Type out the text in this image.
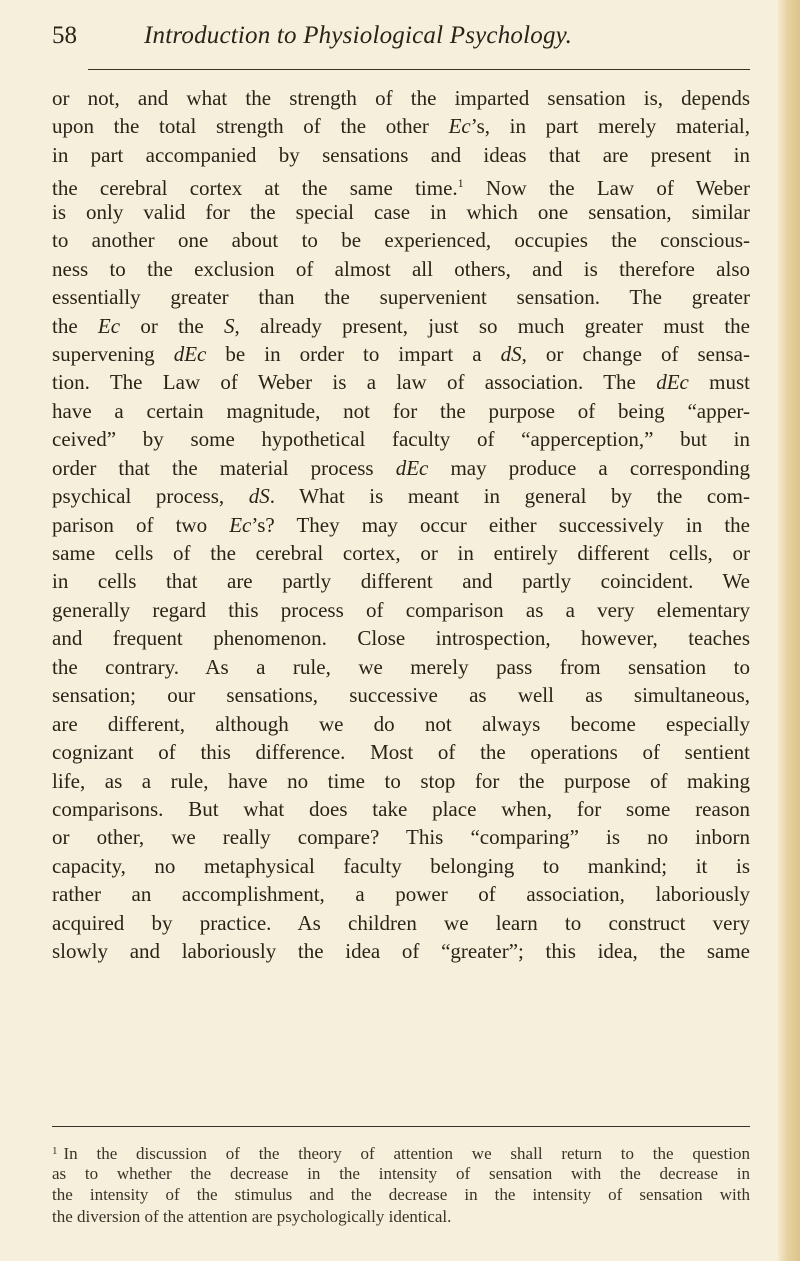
58	Introduction to Physiological Psychology.
or not, and what the strength of the imparted sensation is, depends
upon the total strength of the other Ec’s, in part merely material,
in part accompanied by sensations and ideas that are present in
the cerebral cortex at the same time.$^1$ Now the Law of Weber
is only valid for the special case in which one sensation, similar
to another one about to be experienced, occupies the conscious-
ness to the exclusion of almost all others, and is therefore also
essentially greater than the supervenient sensation. The greater
the Ec or the S, already present, just so much greater must the
supervening dEc be in order to impart a dS, or change of sensa-
tion. The Law of Weber is a law of association. The dEc must
have a certain magnitude, not for the purpose of being “apper-
ceived” by some hypothetical faculty of “apperception,” but in
order that the material process dEc may produce a corresponding
psychical process, dS. What is meant in general by the com-
parison of two Ec’s? They may occur either successively in the
same cells of the cerebral cortex, or in entirely different cells, or
in cells that are partly different and partly coincident. We
generally regard this process of comparison as a very elementary
and frequent phenomenon. Close introspection, however, teaches
the contrary. As a rule, we merely pass from sensation to
sensation; our sensations, successive as well as simultaneous,
are different, although we do not always become especially
cognizant of this difference. Most of the operations of sentient
life, as a rule, have no time to stop for the purpose of making
comparisons. But what does take place when, for some reason
or other, we really compare? This “comparing” is no inborn
capacity, no metaphysical faculty belonging to mankind; it is
rather an accomplishment, a power of association, laboriously
acquired by practice. As children we learn to construct very
slowly and laboriously the idea of “greater”; this idea, the same
$^1$ In the discussion of the theory of attention we shall return to the question
as to whether the decrease in the intensity of sensation with the decrease in
the intensity of the stimulus and the decrease in the intensity of sensation with
the diversion of the attention are psychologically identical.
